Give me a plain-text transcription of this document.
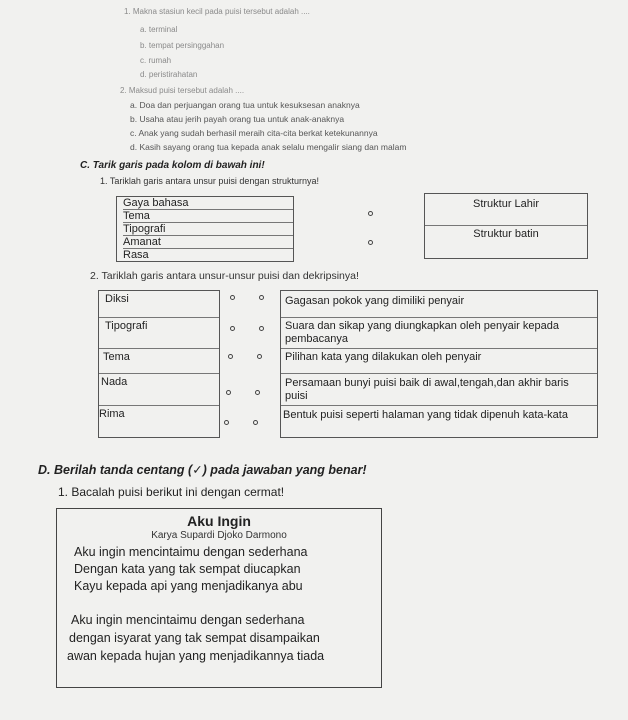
1. Makna stasiun kecil pada puisi tersebut adalah ....
a. terminal
b. tempat persinggahan
c. rumah
d. peristirahatan
2. Maksud puisi tersebut adalah ....
a. Doa dan perjuangan orang tua untuk kesuksesan anaknya
b. Usaha atau jerih payah orang tua untuk anak-anaknya
c. Anak yang sudah berhasil meraih cita-cita berkat ketekunannya
d. Kasih sayang orang tua kepada anak selalu mengalir siang dan malam
C. Tarik garis pada kolom di bawah ini!
1. Tariklah garis antara unsur puisi dengan strukturnya!
Gaya bahasa
Tema
Tipografi
Amanat
Rasa
Struktur Lahir
Struktur batin
2. Tariklah garis antara unsur-unsur puisi dan dekripsinya!
Diksi
Tipografi
Tema
Nada
Rima
Gagasan pokok yang dimiliki penyair
Suara dan sikap yang diungkapkan oleh penyair kepada pembacanya
Pilihan kata yang dilakukan oleh penyair
Persamaan bunyi puisi baik di awal,tengah,dan akhir baris puisi
Bentuk puisi seperti halaman yang tidak dipenuh kata-kata
D. Berilah tanda centang (✓) pada jawaban yang benar!
1. Bacalah puisi berikut ini dengan cermat!
Aku Ingin
Karya Supardi Djoko Darmono
Aku ingin mencintaimu dengan sederhana
Dengan kata yang tak sempat diucapkan
Kayu kepada api yang menjadikanya abu
Aku ingin mencintaimu dengan sederhana
dengan isyarat yang tak sempat disampaikan
awan kepada hujan yang menjadikannya tiada
